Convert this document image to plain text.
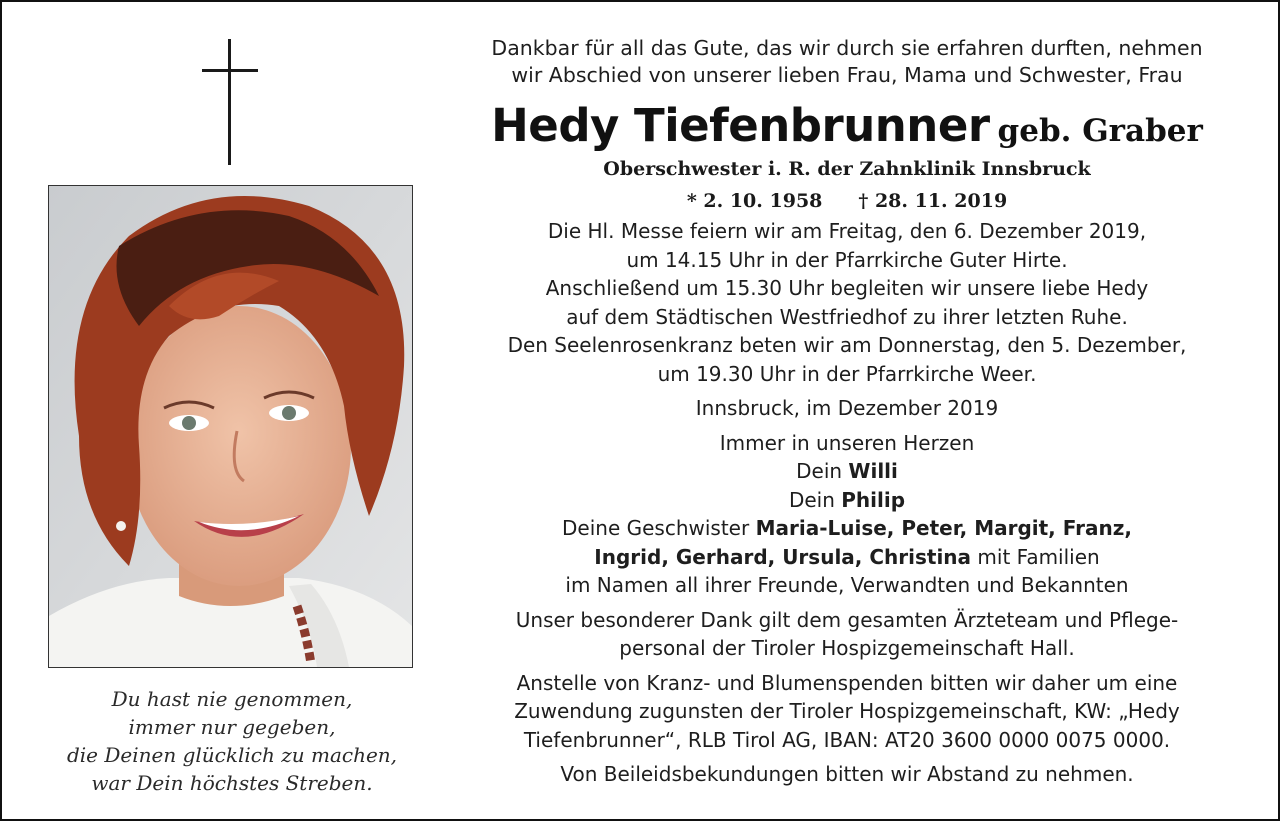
Du hast nie genommen,
immer nur gegeben,
die Deinen glücklich zu machen,
war Dein höchstes Streben.
Dankbar für all das Gute, das wir durch sie erfahren durften, nehmen
wir Abschied von unserer lieben Frau, Mama und Schwester, Frau
Hedy Tiefenbrunner geb. Graber
Oberschwester i. R. der Zahnklinik Innsbruck
* 2. 10. 1958 † 28. 11. 2019
Die Hl. Messe feiern wir am Freitag, den 6. Dezember 2019,
um 14.15 Uhr in der Pfarrkirche Guter Hirte.
Anschließend um 15.30 Uhr begleiten wir unsere liebe Hedy
auf dem Städtischen Westfriedhof zu ihrer letzten Ruhe.
Den Seelenrosenkranz beten wir am Donnerstag, den 5. Dezember,
um 19.30 Uhr in der Pfarrkirche Weer.
Innsbruck, im Dezember 2019
Immer in unseren Herzen
Dein Willi
Dein Philip
Deine Geschwister Maria-Luise, Peter, Margit, Franz,
Ingrid, Gerhard, Ursula, Christina mit Familien
im Namen all ihrer Freunde, Verwandten und Bekannten
Unser besonderer Dank gilt dem gesamten Ärzteteam und Pflege-
personal der Tiroler Hospizgemeinschaft Hall.
Anstelle von Kranz- und Blumenspenden bitten wir daher um eine
Zuwendung zugunsten der Tiroler Hospizgemeinschaft, KW: „Hedy
Tiefenbrunner“, RLB Tirol AG, IBAN: AT20 3600 0000 0075 0000.
Von Beileidsbekundungen bitten wir Abstand zu nehmen.
